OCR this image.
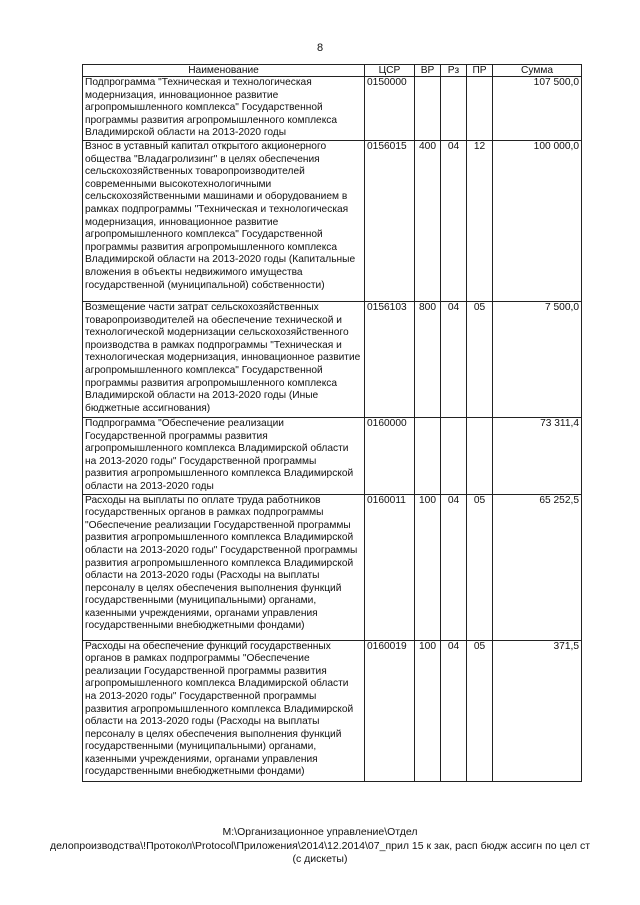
8
Наименование	ЦСР	ВР	Рз	ПР	Сумма
Подпрограмма "Техническая и технологическая модернизация, инновационное развитие агропромышленного комплекса" Государственной программы развития агропромышленного комплекса Владимирской области на 2013-2020 годы	0150000				107 500,0
Взнос в уставный капитал открытого акционерного общества "Владагролизинг" в целях обеспечения сельскохозяйственных товаропроизводителей современными высокотехнологичными сельскохозяйственными машинами и оборудованием в рамках подпрограммы "Техническая и технологическая модернизация, инновационное развитие агропромышленного комплекса" Государственной программы развития агропромышленного комплекса Владимирской области на 2013-2020 годы (Капитальные вложения в объекты недвижимого имущества государственной (муниципальной) собственности)	0156015	400	04	12	100 000,0
Возмещение части затрат сельскохозяйственных товаропроизводителей на обеспечение технической и технологической модернизации сельскохозяйственного производства в рамках подпрограммы "Техническая и технологическая модернизация, инновационное развитие агропромышленного комплекса" Государственной программы развития агропромышленного комплекса Владимирской области на 2013-2020 годы (Иные бюджетные ассигнования)	0156103	800	04	05	7 500,0
Подпрограмма "Обеспечение реализации Государственной программы развития агропромышленного комплекса Владимирской области на 2013-2020 годы" Государственной программы развития агропромышленного комплекса Владимирской области на 2013-2020 годы	0160000				73 311,4
Расходы на выплаты по оплате труда работников государственных органов в рамках подпрограммы "Обеспечение реализации Государственной программы развития агропромышленного комплекса Владимирской области на 2013-2020 годы" Государственной программы развития агропромышленного комплекса Владимирской области на 2013-2020 годы (Расходы на выплаты персоналу в целях обеспечения выполнения функций государственными (муниципальными) органами, казенными учреждениями, органами управления государственными внебюджетными фондами)	0160011	100	04	05	65 252,5
Расходы на обеспечение функций государственных органов в рамках подпрограммы "Обеспечение реализации Государственной программы развития агропромышленного комплекса Владимирской области на 2013-2020 годы" Государственной программы развития агропромышленного комплекса Владимирской области на 2013-2020 годы (Расходы на выплаты персоналу в целях обеспечения выполнения функций государственными (муниципальными) органами, казенными учреждениями, органами управления государственными внебюджетными фондами)	0160019	100	04	05	371,5
М:\Организационное управление\Отдел
делопроизводства\!Протокол\Protocol\Приложения\2014\12.2014\07_прил 15 к зак, расп бюдж ассигн по цел ст
(с дискеты)
